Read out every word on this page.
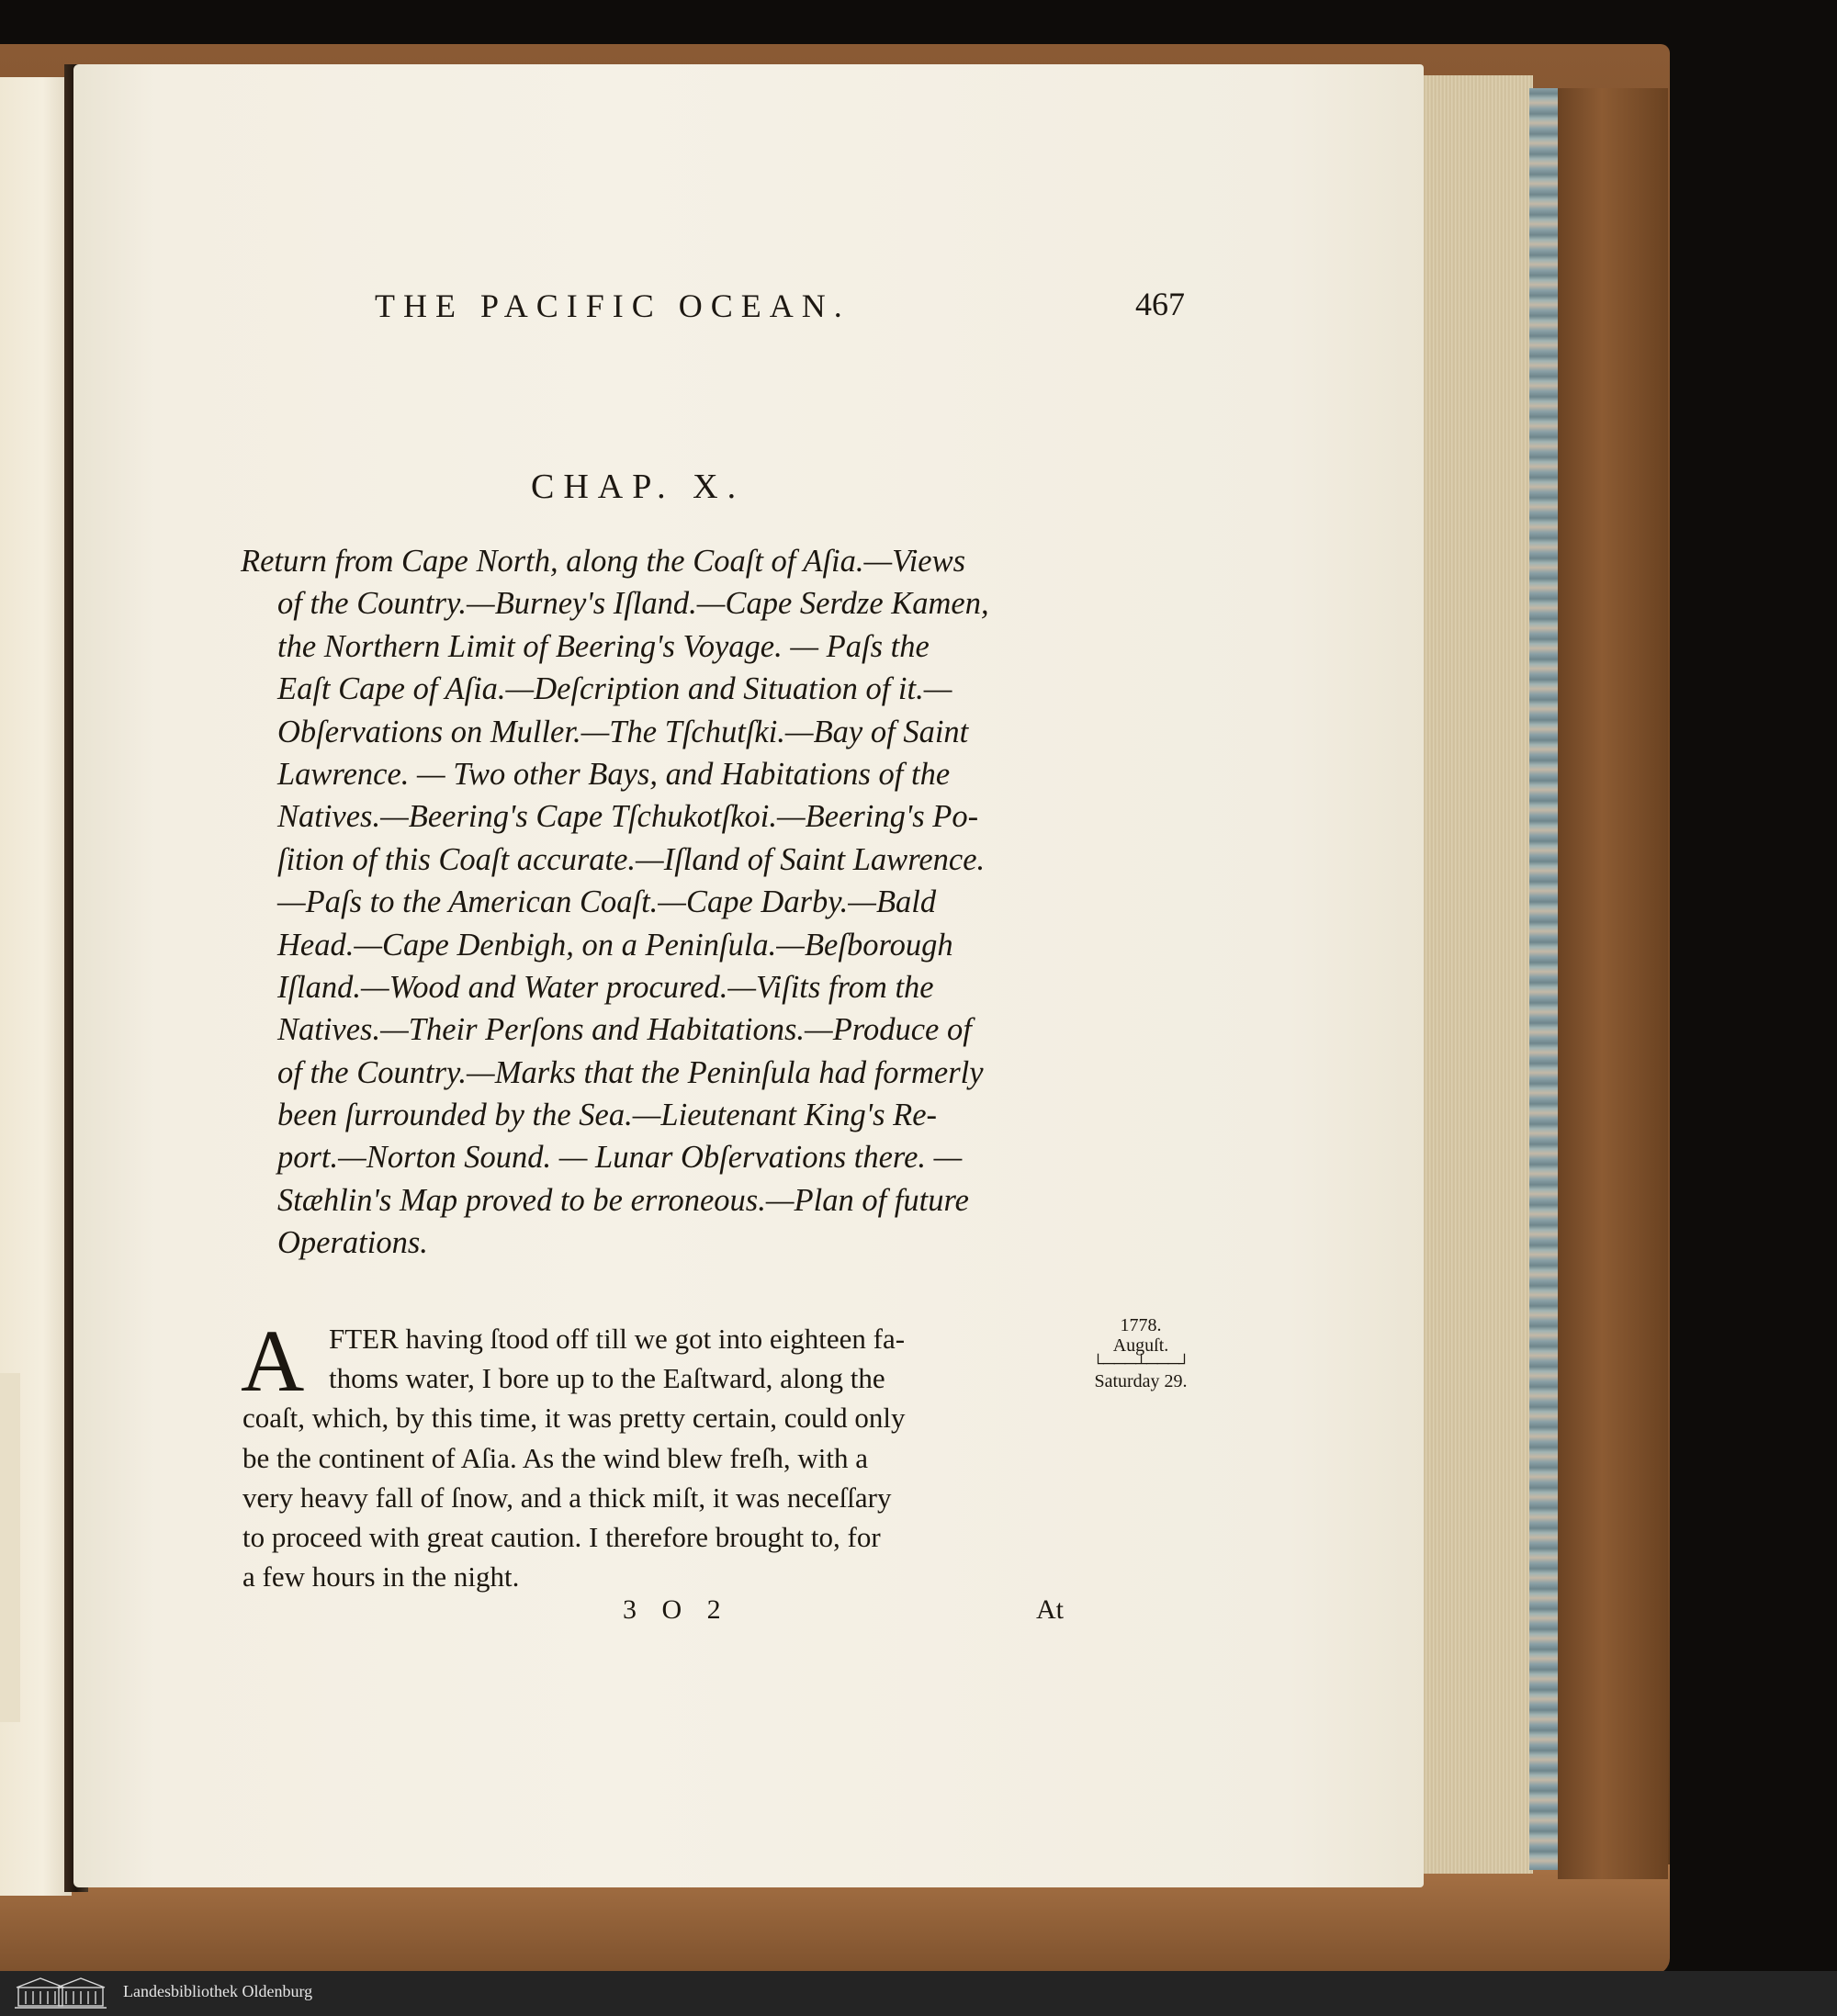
THE PACIFIC OCEAN.	467
CHAP. X.
Return from Cape North, along the Coaſt of Aſia.—Views
of the Country.—Burney's Iſland.—Cape Serdze Kamen,
the Northern Limit of Beering's Voyage. — Paſs the
Eaſt Cape of Aſia.—Deſcription and Situation of it.—
Obſervations on Muller.—The Tſchutſki.—Bay of Saint
Lawrence. — Two other Bays, and Habitations of the
Natives.—Beering's Cape Tſchukotſkoi.—Beering's Po-
ſition of this Coaſt accurate.—Iſland of Saint Lawrence.
—Paſs to the American Coaſt.—Cape Darby.—Bald
Head.—Cape Denbigh, on a Peninſula.—Beſborough
Iſland.—Wood and Water procured.—Viſits from the
Natives.—Their Perſons and Habitations.—Produce of
of the Country.—Marks that the Peninſula had formerly
been ſurrounded by the Sea.—Lieutenant King's Re-
port.—Norton Sound. — Lunar Obſervations there. —
Stæhlin's Map proved to be erroneous.—Plan of future
Operations.
A FTER having ſtood off till we got into eighteen fa-
thoms water, I bore up to the Eaſtward, along the
coaſt, which, by this time, it was pretty certain, could only
be the continent of Aſia. As the wind blew freſh, with a
very heavy fall of ſnow, and a thick miſt, it was neceſſary
to proceed with great caution. I therefore brought to, for
a few hours in the night.
1778.
Auguſt.
└───┴───┘
Saturday 29.
3 O 2	At
Landesbibliothek Oldenburg
